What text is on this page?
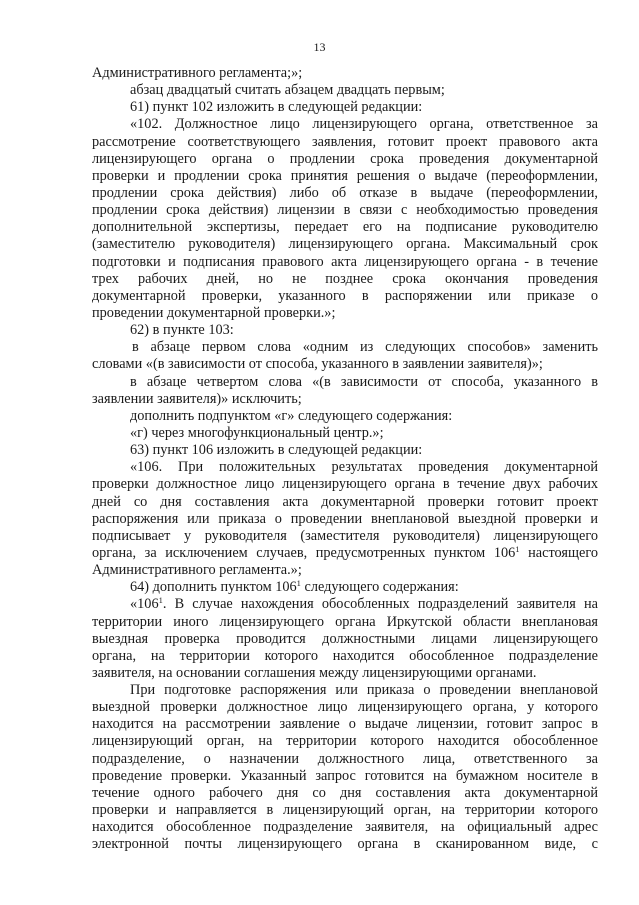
13
Административного регламента;»;
абзац двадцатый считать абзацем двадцать первым;
61) пункт 102 изложить в следующей редакции:
«102. Должностное лицо лицензирующего органа, ответственное за
рассмотрение соответствующего заявления, готовит проект правового акта
лицензирующего органа о продлении срока проведения документарной
проверки и продлении срока принятия решения о выдаче (переоформлении,
продлении срока действия) либо об отказе в выдаче (переоформлении,
продлении срока действия) лицензии в связи с необходимостью проведения
дополнительной экспертизы, передает его на подписание руководителю
(заместителю руководителя) лицензирующего органа. Максимальный срок
подготовки и подписания правового акта лицензирующего органа - в течение
трех рабочих дней, но не позднее срока окончания проведения
документарной проверки, указанного в распоряжении или приказе о
проведении документарной проверки.»;
62) в пункте 103:
в абзаце первом слова «одним из следующих способов» заменить
словами «(в зависимости от способа, указанного в заявлении заявителя)»;
в абзаце четвертом слова «(в зависимости от способа, указанного в
заявлении заявителя)» исключить;
дополнить подпунктом «г» следующего содержания:
«г) через многофункциональный центр.»;
63) пункт 106 изложить в следующей редакции:
«106. При положительных результатах проведения документарной
проверки должностное лицо лицензирующего органа в течение двух рабочих
дней со дня составления акта документарной проверки готовит проект
распоряжения или приказа о проведении внеплановой выездной проверки и
подписывает у руководителя (заместителя руководителя) лицензирующего
органа, за исключением случаев, предусмотренных пунктом $106^1$ настоящего
Административного регламента.»;
64) дополнить пунктом $106^1$ следующего содержания:
«$106^1$. В случае нахождения обособленных подразделений заявителя на
территории иного лицензирующего органа Иркутской области внеплановая
выездная проверка проводится должностными лицами лицензирующего
органа, на территории которого находится обособленное подразделение
заявителя, на основании соглашения между лицензирующими органами.
При подготовке распоряжения или приказа о проведении внеплановой
выездной проверки должностное лицо лицензирующего органа, у которого
находится на рассмотрении заявление о выдаче лицензии, готовит запрос в
лицензирующий орган, на территории которого находится обособленное
подразделение, о назначении должностного лица, ответственного за
проведение проверки. Указанный запрос готовится на бумажном носителе в
течение одного рабочего дня со дня составления акта документарной
проверки и направляется в лицензирующий орган, на территории которого
находится обособленное подразделение заявителя, на официальный адрес
электронной почты лицензирующего органа в сканированном виде, с
